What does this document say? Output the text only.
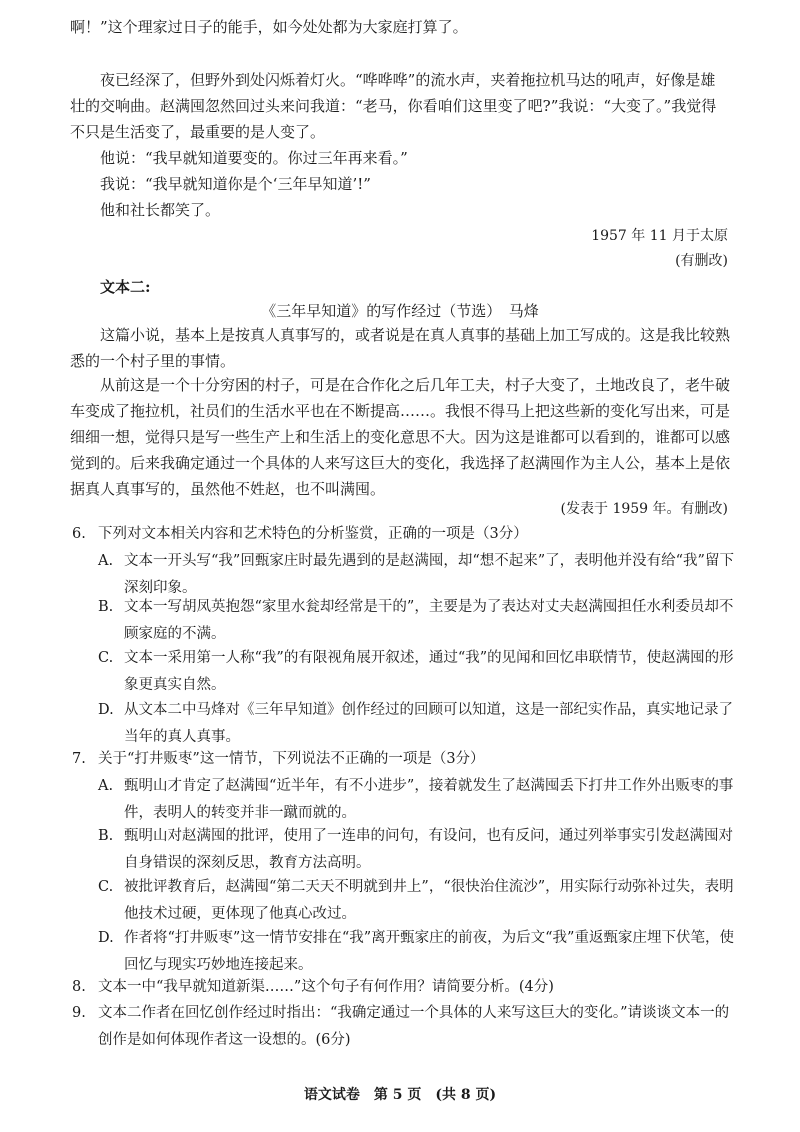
啊！”这个理家过日子的能手，如今处处都为大家庭打算了。
夜已经深了，但野外到处闪烁着灯火。“哗哗哗”的流水声，夹着拖拉机马达的吼声，好像是雄壮的交响曲。赵满囤忽然回过头来问我道：“老马，你看咱们这里变了吧?”我说：“大变了。”我觉得不只是生活变了，最重要的是人变了。
他说：“我早就知道要变的。你过三年再来看。”
我说：“我早就知道你是个‘三年早知道’!”
他和社长都笑了。
1957 年 11 月于太原
(有删改)
文本二:
《三年早知道》的写作经过（节选）　马烽
这篇小说，基本上是按真人真事写的，或者说是在真人真事的基础上加工写成的。这是我比较熟悉的一个村子里的事情。
从前这是一个十分穷困的村子，可是在合作化之后几年工夫，村子大变了，土地改良了，老牛破车变成了拖拉机，社员们的生活水平也在不断提高……。我恨不得马上把这些新的变化写出来，可是细细一想，觉得只是写一些生产上和生活上的变化意思不大。因为这是谁都可以看到的，谁都可以感觉到的。后来我确定通过一个具体的人来写这巨大的变化，我选择了赵满囤作为主人公，基本上是依据真人真事写的，虽然他不姓赵，也不叫满囤。
(发表于 1959 年。有删改)
6. 下列对文本相关内容和艺术特色的分析鉴赏，正确的一项是（3分）
A. 文本一开头写“我”回甄家庄时最先遇到的是赵满囤，却“想不起来”了，表明他并没有给“我”留下深刻印象。
B. 文本一写胡凤英抱怨“家里水瓮却经常是干的”，主要是为了表达对丈夫赵满囤担任水利委员却不顾家庭的不满。
C. 文本一采用第一人称“我”的有限视角展开叙述，通过“我”的见闻和回忆串联情节，使赵满囤的形象更真实自然。
D. 从文本二中马烽对《三年早知道》创作经过的回顾可以知道，这是一部纪实作品，真实地记录了当年的真人真事。
7. 关于“打井贩枣”这一情节，下列说法不正确的一项是（3分）
A. 甄明山才肯定了赵满囤“近半年，有不小进步”，接着就发生了赵满囤丢下打井工作外出贩枣的事件，表明人的转变并非一蹴而就的。
B. 甄明山对赵满囤的批评，使用了一连串的问句，有设问，也有反问，通过列举事实引发赵满囤对自身错误的深刻反思，教育方法高明。
C. 被批评教育后，赵满囤“第二天天不明就到井上”，“很快治住流沙”，用实际行动弥补过失，表明他技术过硬，更体现了他真心改过。
D. 作者将“打井贩枣”这一情节安排在“我”离开甄家庄的前夜，为后文“我”重返甄家庄埋下伏笔，使回忆与现实巧妙地连接起来。
8. 文本一中“我早就知道新渠……”这个句子有何作用？请简要分析。(4分)
9. 文本二作者在回忆创作经过时指出：“我确定通过一个具体的人来写这巨大的变化。”请谈谈文本一的创作是如何体现作者这一设想的。(6分)
语文试卷　第 5 页　(共 8 页)
